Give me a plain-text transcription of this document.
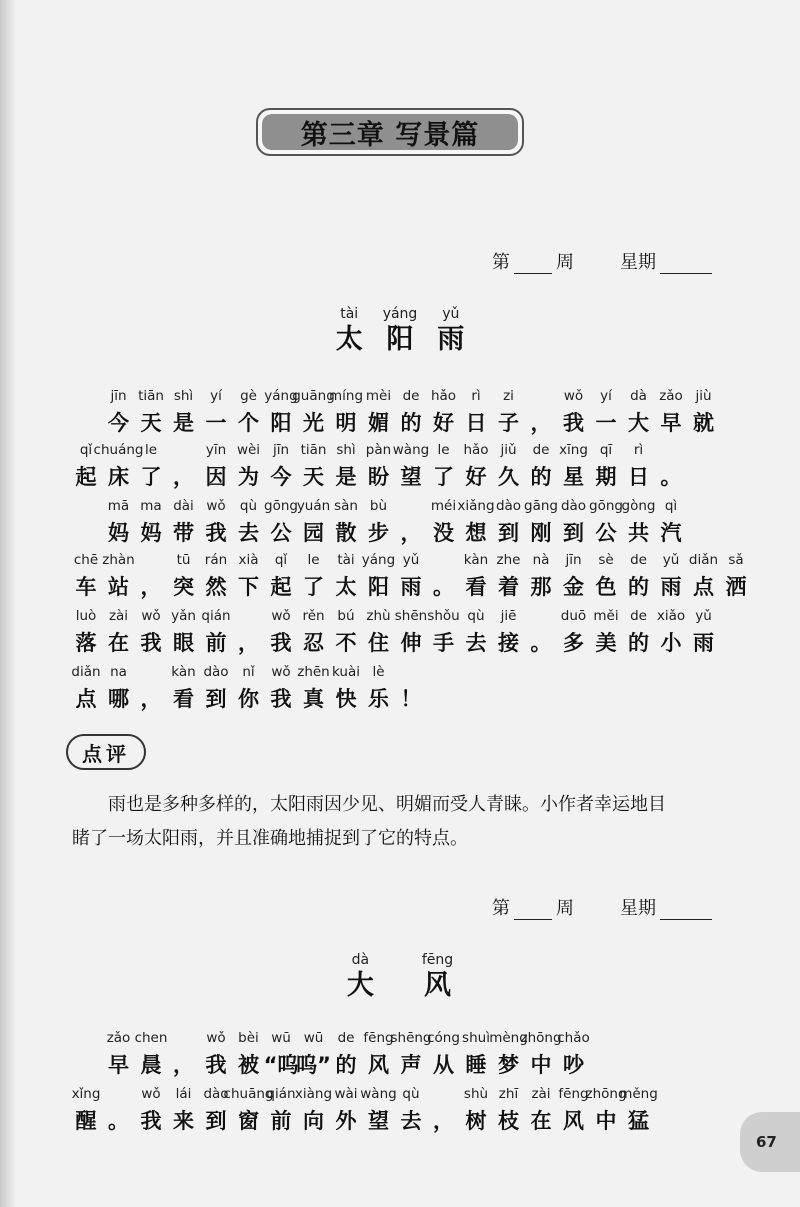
第三章 写景篇
第	周	星期
tài
太
yáng
阳
yǔ
雨
jīn
今
tiān
天
shì
是
yí
一
gè
个
yáng
阳
guāng
光
míng
明
mèi
媚
de
的
hǎo
好
rì
日
zi
子 ，
wǒ
我
yí
一
dà
大
zǎo
早
jiù
就
qǐ
起
chuáng
床
le
了 ，
yīn
因
wèi
为
jīn
今
tiān
天
shì
是
pàn
盼
wàng
望
le
了
hǎo
好
jiǔ
久
de
的
xīng
星
qī
期
rì
日 。
mā
妈
ma
妈
dài
带
wǒ
我
qù
去
gōng
公
yuán
园
sàn
散
bù
步 ，
méi
没
xiǎng
想
dào
到
gāng
刚
dào
到
gōng
公
gòng
共
qì
汽
chē
车
zhàn
站 ，
tū
突
rán
然
xià
下
qǐ
起
le
了
tài
太
yáng
阳
yǔ
雨 。
kàn
看
zhe
着
nà
那
jīn
金
sè
色
de
的
yǔ
雨
diǎn
点
sǎ
洒
luò
落
zài
在
wǒ
我
yǎn
眼
qián
前 ，
wǒ
我
rěn
忍
bú
不
zhù
住
shēn
伸
shǒu
手
qù
去
jiē
接 。
duō
多
měi
美
de
的
xiǎo
小
yǔ
雨
diǎn
点
na
哪 ，
kàn
看
dào
到
nǐ
你
wǒ
我
zhēn
真
kuài
快
lè
乐 ！
点评
雨也是多种多样的，太阳雨因少见、明媚而受人青睐。小作者幸运地目
睹了一场太阳雨，并且准确地捕捉到了它的特点。
第	周	星期
dà
大
fēng
风
zǎo
早
chen
晨 ，
wǒ
我
bèi
被
wū
“呜
wū
呜”
de
的
fēng
风
shēng
声
cóng
从
shuì
睡
mèng
梦
zhōng
中
chǎo
吵
xǐng
醒 。
wǒ
我
lái
来
dào
到
chuāng
窗
qián
前
xiàng
向
wài
外
wàng
望
qù
去 ，
shù
树
zhī
枝
zài
在
fēng
风
zhōng
中
měng
猛
67
